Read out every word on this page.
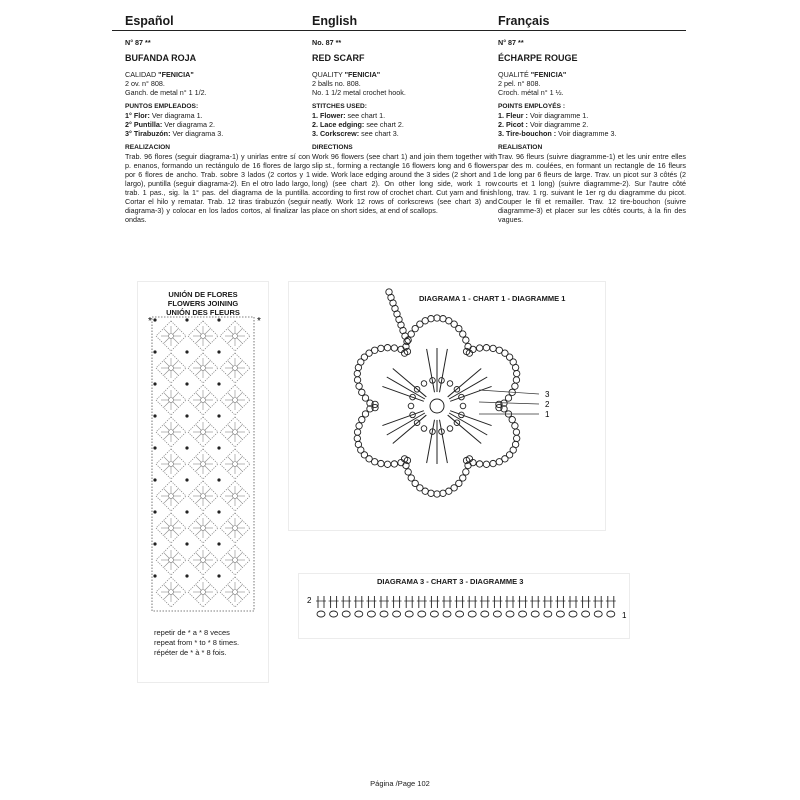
Español
N° 87 **
BUFANDA ROJA
CALIDAD "FENICIA"
2 ov. n° 808.
Ganch. de metal n° 1 1/2.
PUNTOS EMPLEADOS:
1° Flor: Ver diagrama 1.
2° Puntilla: Ver diagrama 2.
3° Tirabuzón: Ver diagrama 3.
REALIZACION
Trab. 96 flores (seguir diagrama-1) y unirlas entre sí con p. enanos, formando un rectángulo de 16 flores de largo por 6 flores de ancho. Trab. sobre 3 lados (2 cortos y 1 largo), puntilla (seguir diagrama-2). En el otro lado largo, trab. 1 pas., sig. la 1° pas. del diagrama de la puntilla. Cortar el hilo y rematar. Trab. 12 tiras tirabuzón (seguir diagrama-3) y colocar en los lados cortos, al finalizar las ondas.
English
No. 87 **
RED SCARF
QUALITY "FENICIA"
2 balls no. 808.
No. 1 1/2 metal crochet hook.
STITCHES USED:
1. Flower: see chart 1.
2. Lace edging: see chart 2.
3. Corkscrew: see chart 3.
DIRECTIONS
Work 96 flowers (see chart 1) and join them together with slip st., forming a rectangle 16 flowers long and 6 flowers wide. Work lace edging around the 3 sides (2 short and 1 long) (see chart 2). On other long side, work 1 row according to first row of crochet chart. Cut yarn and finish neatly. Work 12 rows of corkscrews (see chart 3) and place on short sides, at end of scallops.
Français
N° 87 **
ÉCHARPE ROUGE
QUALITÉ "FENICIA"
2 pel. n° 808.
Croch. métal n° 1 ½.
POINTS EMPLOYÉS :
1. Fleur : Voir diagramme 1.
2. Picot : Voir diagramme 2.
3. Tire-bouchon : Voir diagramme 3.
REALISATION
Trav. 96 fleurs (suivre diagramme-1) et les unir entre elles par des m. coulées, en formant un rectangle de 16 fleurs de long par 6 fleurs de large. Trav. un picot sur 3 côtés (2 courts et 1 long) (suivre diagramme-2). Sur l'autre côté long, trav. 1 rg. suivant le 1er rg du diagramme du picot. Couper le fil et remailler. Trav. 12 tire-bouchon (suivre diagramme-3) et placer sur les côtés courts, à la fin des vagues.
UNIÓN DE FLORES
FLOWERS JOINING
UNIÓN DES FLEURS
*	*
repetir de * a * 8 veces
repeat from * to * 8 times.
répéter de * à * 8 fois.
3
2
1
DIAGRAMA 1 - CHART 1 - DIAGRAMME 1
DIAGRAMA 3 - CHART 3 - DIAGRAMME 3
2
1
Página /Page 102
